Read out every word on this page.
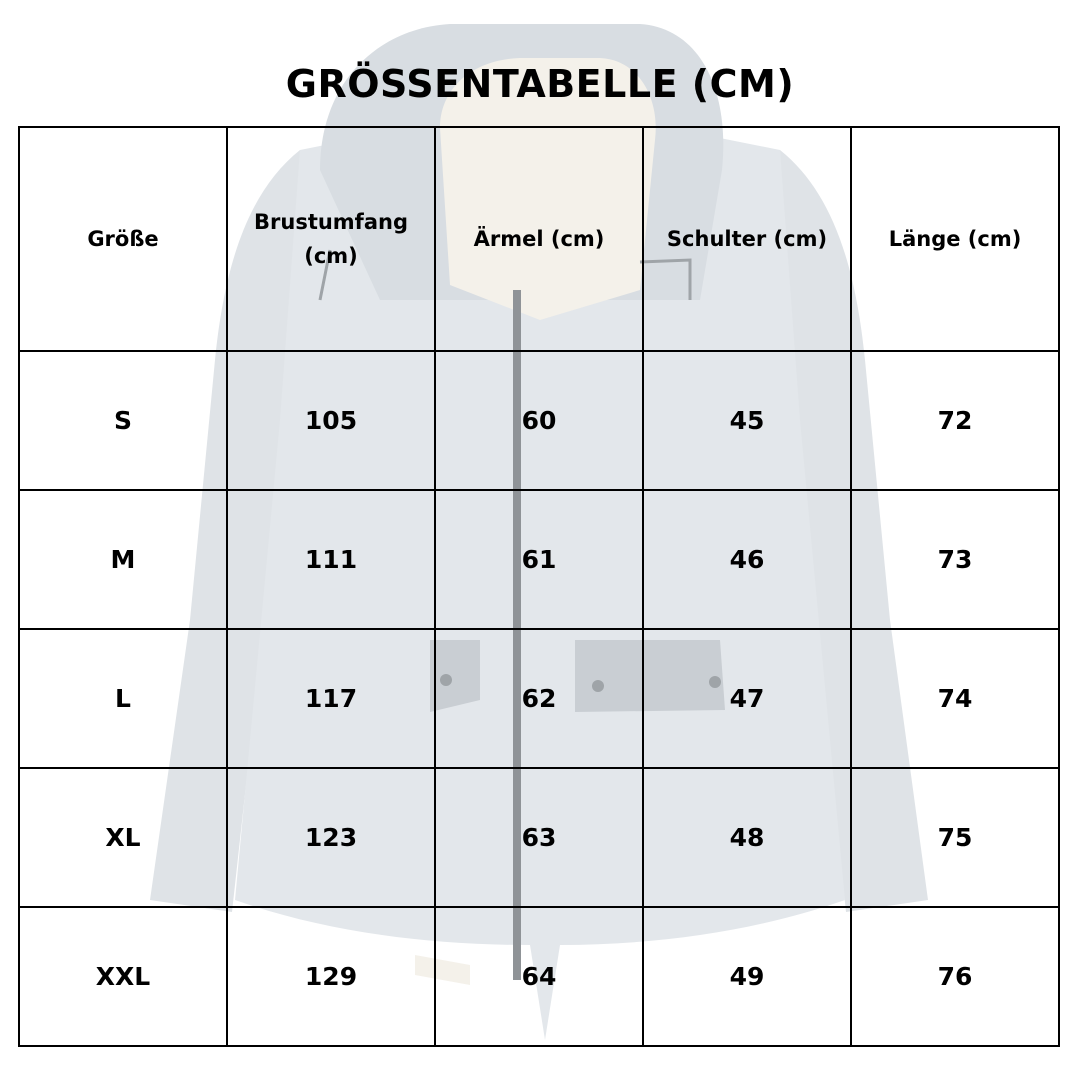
GRÖSSENTABELLE (CM)
Größe	Brustumfang (cm)	Ärmel (cm)	Schulter (cm)	Länge (cm)
S	105	60	45	72
M	111	61	46	73
L	117	62	47	74
XL	123	63	48	75
XXL	129	64	49	76
